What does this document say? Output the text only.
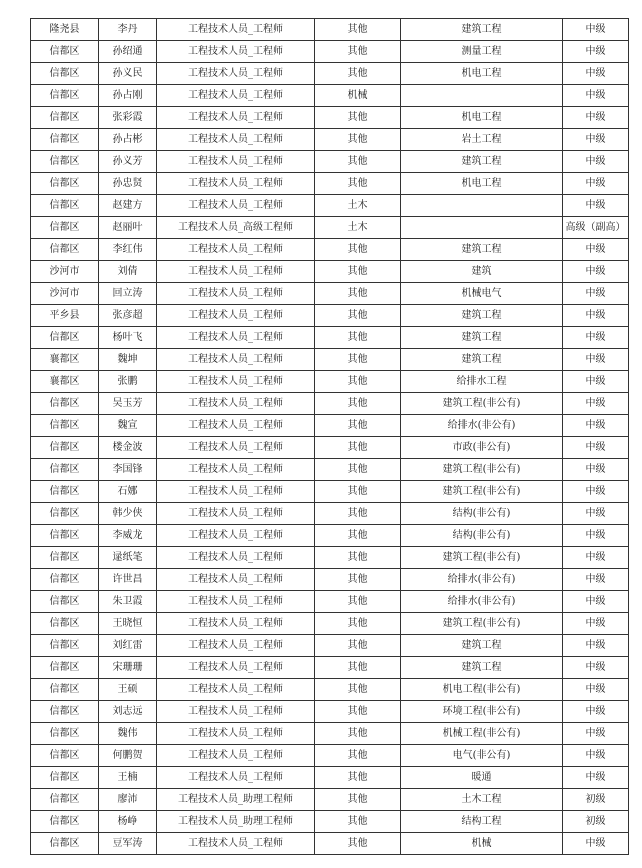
隆尧县	李丹	工程技术人员_工程师	其他	建筑工程	中级
信都区	孙绍通	工程技术人员_工程师	其他	测量工程	中级
信都区	孙义民	工程技术人员_工程师	其他	机电工程	中级
信都区	孙占刚	工程技术人员_工程师	机械		中级
信都区	张彩霞	工程技术人员_工程师	其他	机电工程	中级
信都区	孙占彬	工程技术人员_工程师	其他	岩土工程	中级
信都区	孙义芳	工程技术人员_工程师	其他	建筑工程	中级
信都区	孙忠贤	工程技术人员_工程师	其他	机电工程	中级
信都区	赵建方	工程技术人员_工程师	土木		中级
信都区	赵丽叶	工程技术人员_高级工程师	土木		高级（副高）
信都区	李红伟	工程技术人员_工程师	其他	建筑工程	中级
沙河市	刘倩	工程技术人员_工程师	其他	建筑	中级
沙河市	回立涛	工程技术人员_工程师	其他	机械电气	中级
平乡县	张彦超	工程技术人员_工程师	其他	建筑工程	中级
信都区	杨叶飞	工程技术人员_工程师	其他	建筑工程	中级
襄都区	魏坤	工程技术人员_工程师	其他	建筑工程	中级
襄都区	张鹏	工程技术人员_工程师	其他	给排水工程	中级
信都区	吴玉芳	工程技术人员_工程师	其他	建筑工程(非公有)	中级
信都区	魏宣	工程技术人员_工程师	其他	给排水(非公有)	中级
信都区	楼金波	工程技术人员_工程师	其他	市政(非公有)	中级
信都区	李国锋	工程技术人员_工程师	其他	建筑工程(非公有)	中级
信都区	石娜	工程技术人员_工程师	其他	建筑工程(非公有)	中级
信都区	韩少侠	工程技术人员_工程师	其他	结构(非公有)	中级
信都区	李威龙	工程技术人员_工程师	其他	结构(非公有)	中级
信都区	逯纸笔	工程技术人员_工程师	其他	建筑工程(非公有)	中级
信都区	许世昌	工程技术人员_工程师	其他	给排水(非公有)	中级
信都区	朱卫霞	工程技术人员_工程师	其他	给排水(非公有)	中级
信都区	王晓恒	工程技术人员_工程师	其他	建筑工程(非公有)	中级
信都区	刘红雷	工程技术人员_工程师	其他	建筑工程	中级
信都区	宋珊珊	工程技术人员_工程师	其他	建筑工程	中级
信都区	王硕	工程技术人员_工程师	其他	机电工程(非公有)	中级
信都区	刘志远	工程技术人员_工程师	其他	环境工程(非公有)	中级
信都区	魏伟	工程技术人员_工程师	其他	机械工程(非公有)	中级
信都区	何鹏贺	工程技术人员_工程师	其他	电气(非公有)	中级
信都区	王楠	工程技术人员_工程师	其他	暖通	中级
信都区	廖沛	工程技术人员_助理工程师	其他	土木工程	初级
信都区	杨峥	工程技术人员_助理工程师	其他	结构工程	初级
信都区	豆军涛	工程技术人员_工程师	其他	机械	中级
